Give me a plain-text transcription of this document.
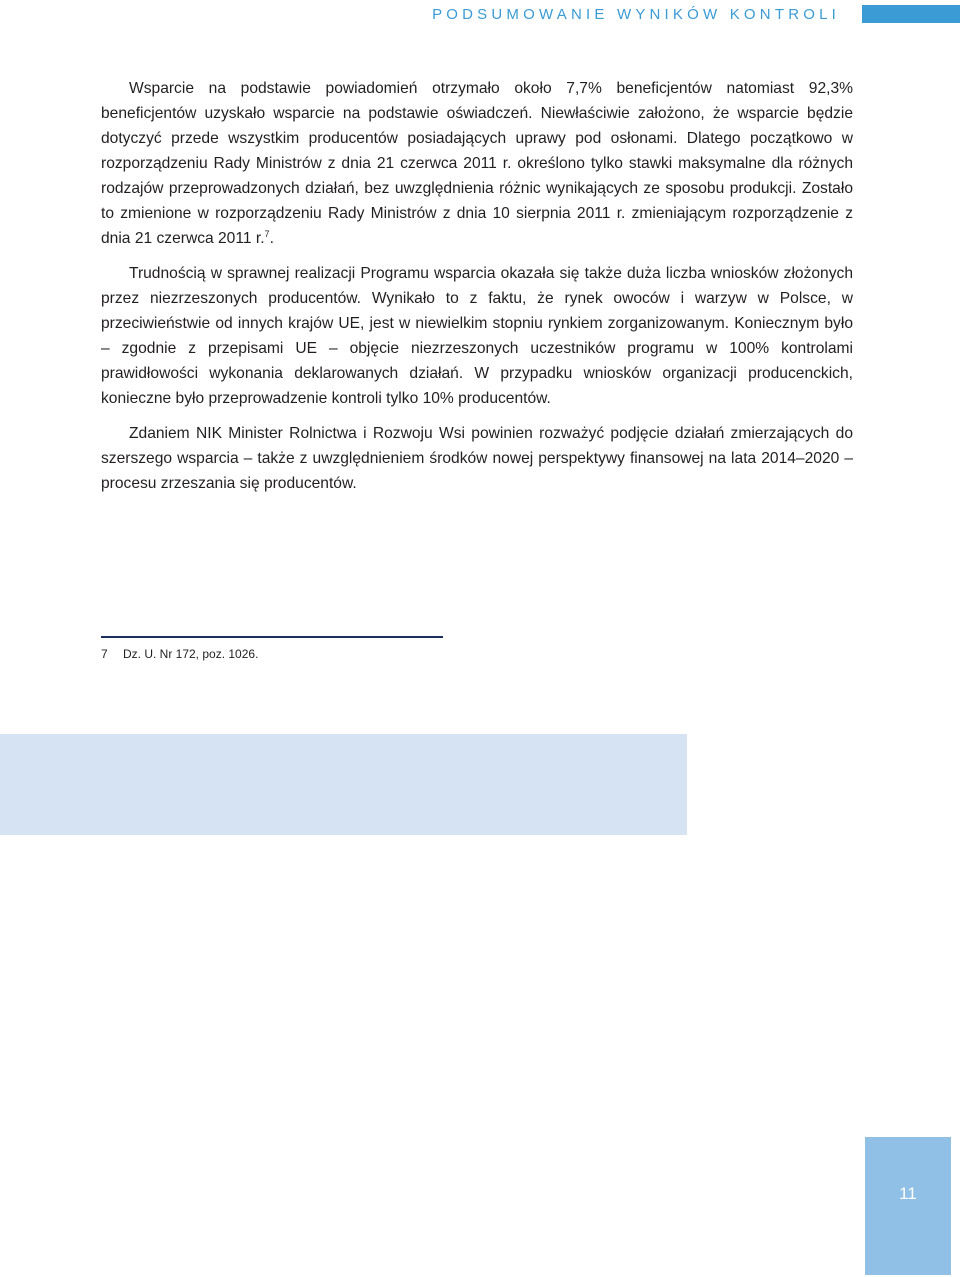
PODSUMOWANIE WYNIKÓW KONTROLI

Wsparcie na podstawie powiadomień otrzymało około 7,7% beneficjentów natomiast 92,3% beneficjentów uzyskało wsparcie na podstawie oświadczeń. Niewłaściwie założono, że wsparcie będzie dotyczyć przede wszystkim producentów posiadających uprawy pod osłonami. Dlatego początkowo w rozporządzeniu Rady Ministrów z dnia 21 czerwca 2011 r. określono tylko stawki maksymalne dla różnych rodzajów przeprowadzonych działań, bez uwzględnienia różnic wynikających ze sposobu produkcji. Zostało to zmienione w rozporządzeniu Rady Ministrów z dnia 10 sierpnia 2011 r. zmieniającym rozporządzenie z dnia 21 czerwca 2011 r.$^7$.

Trudnością w sprawnej realizacji Programu wsparcia okazała się także duża liczba wniosków złożonych przez niezrzeszonych producentów. Wynikało to z faktu, że rynek owoców i warzyw w Polsce, w przeciwieństwie od innych krajów UE, jest w niewielkim stopniu rynkiem zorganizowanym. Koniecznym było – zgodnie z przepisami UE – objęcie niezrzeszonych uczestników programu w 100% kontrolami prawidłowości wykonania deklarowanych działań. W przypadku wniosków organizacji producenckich, konieczne było przeprowadzenie kontroli tylko 10% producentów.

Zdaniem NIK Minister Rolnictwa i Rozwoju Wsi powinien rozważyć podjęcie działań zmierzających do szerszego wsparcia – także z uwzględnieniem środków nowej perspektywy finansowej na lata 2014–2020 – procesu zrzeszania się producentów.

7 Dz. U. Nr 172, poz. 1026.
11
